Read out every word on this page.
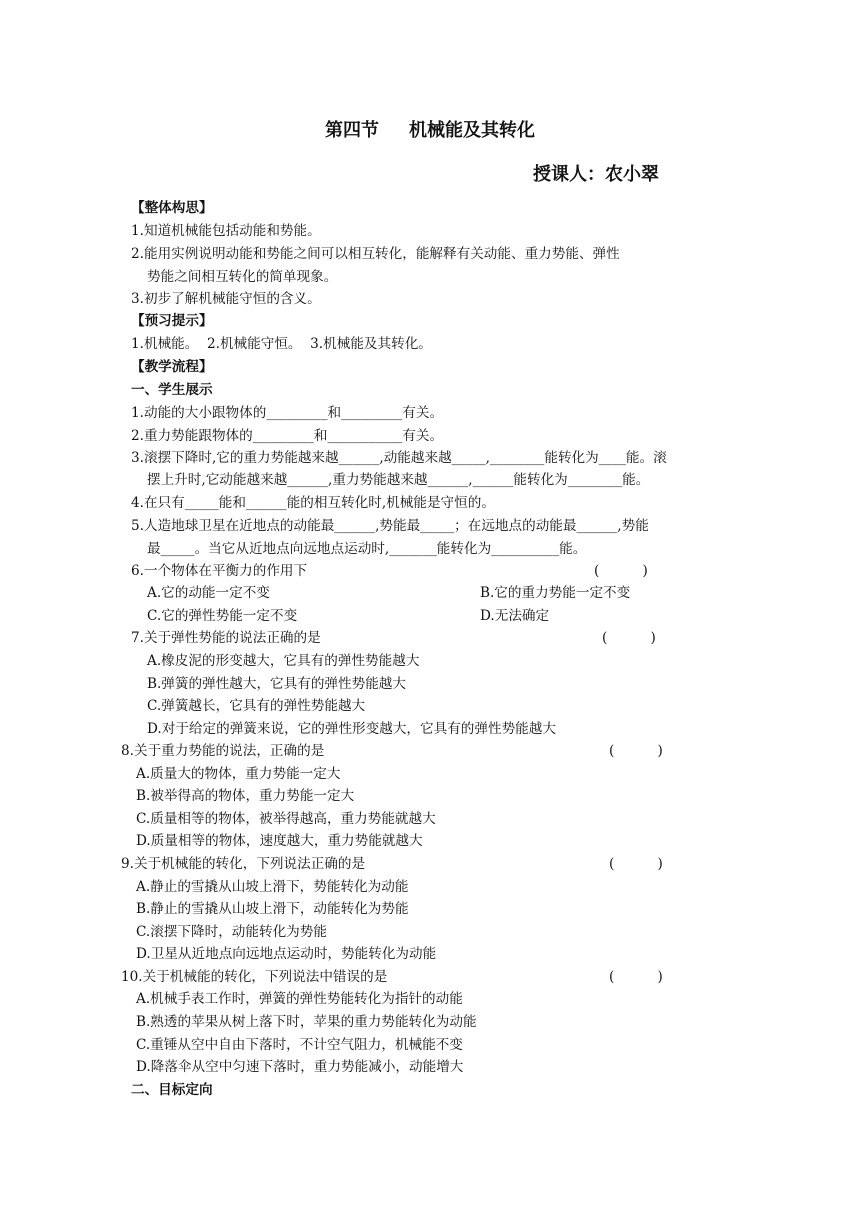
第四节 机械能及其转化
授课人：农小翠
【整体构思】
1.知道机械能包括动能和势能。
2.能用实例说明动能和势能之间可以相互转化，能解释有关动能、重力势能、弹性
势能之间相互转化的简单现象。
3.初步了解机械能守恒的含义。
【预习提示】
1.机械能。  2.机械能守恒。  3.机械能及其转化。
【教学流程】
一、学生展示
1.动能的大小跟物体的_________和_________有关。
2.重力势能跟物体的_________和___________有关。
3.滚摆下降时,它的重力势能越来越______,动能越来越_____,________能转化为____能。滚
摆上升时,它动能越来越______,重力势能越来越______,______能转化为________能。
4.在只有_____能和______能的相互转化时,机械能是守恒的。
5.人造地球卫星在近地点的动能最______,势能最_____；在远地点的动能最______,势能
最_____。当它从近地点向远地点运动时,_______能转化为__________能。
6.一个物体在平衡力的作用下	(          )
A.它的动能一定不变	B.它的重力势能一定不变
C.它的弹性势能一定不变	D.无法确定
7.关于弹性势能的说法正确的是	(          )
A.橡皮泥的形变越大，它具有的弹性势能越大
B.弹簧的弹性越大，它具有的弹性势能越大
C.弹簧越长，它具有的弹性势能越大
D.对于给定的弹簧来说，它的弹性形变越大，它具有的弹性势能越大
8.关于重力势能的说法，正确的是	(          )
A.质量大的物体，重力势能一定大
B.被举得高的物体，重力势能一定大
C.质量相等的物体，被举得越高，重力势能就越大
D.质量相等的物体，速度越大，重力势能就越大
9.关于机械能的转化，下列说法正确的是	(          )
A.静止的雪撬从山坡上滑下，势能转化为动能
B.静止的雪撬从山坡上滑下，动能转化为势能
C.滚摆下降时，动能转化为势能
D.卫星从近地点向远地点运动时，势能转化为动能
10.关于机械能的转化，下列说法中错误的是	(          )
A.机械手表工作时，弹簧的弹性势能转化为指针的动能
B.熟透的苹果从树上落下时，苹果的重力势能转化为动能
C.重锤从空中自由下落时，不计空气阻力，机械能不变
D.降落伞从空中匀速下落时，重力势能减小，动能增大
二、目标定向
